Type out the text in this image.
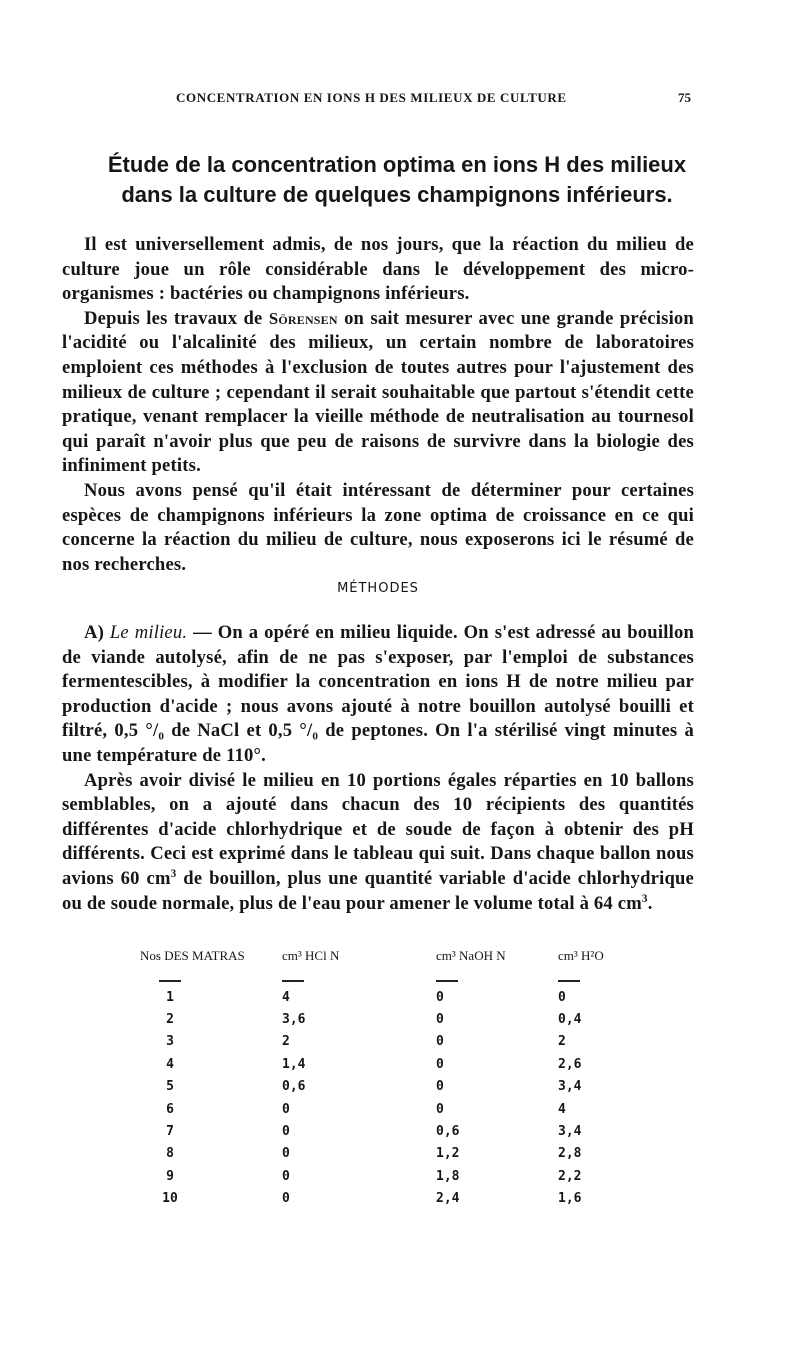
CONCENTRATION EN IONS H DES MILIEUX DE CULTURE	75
Étude de la concentration optima en ions H des milieux
dans la culture de quelques champignons inférieurs.

Il est universellement admis, de nos jours, que la réaction du milieu de culture joue un rôle considérable dans le développement des micro-organismes : bactéries ou champignons inférieurs.

Depuis les travaux de Sörensen on sait mesurer avec une grande précision l'acidité ou l'alcalinité des milieux, un certain nombre de laboratoires emploient ces méthodes à l'exclusion de toutes autres pour l'ajustement des milieux de culture ; cependant il serait souhaitable que partout s'étendit cette pratique, venant remplacer la vieille méthode de neutralisation au tournesol qui paraît n'avoir plus que peu de raisons de survivre dans la biologie des infiniment petits.

Nous avons pensé qu'il était intéressant de déterminer pour certaines espèces de champignons inférieurs la zone optima de croissance en ce qui concerne la réaction du milieu de culture, nous exposerons ici le résumé de nos recherches.

MÉTHODES

A) Le milieu. — On a opéré en milieu liquide. On s'est adressé au bouillon de viande autolysé, afin de ne pas s'exposer, par l'emploi de substances fermentescibles, à modifier la concentration en ions H de notre milieu par production d'acide ; nous avons ajouté à notre bouillon autolysé bouilli et filtré, 0,5 °/₀ de NaCl et 0,5 °/₀ de peptones. On l'a stérilisé vingt minutes à une température de 110°.

Après avoir divisé le milieu en 10 portions égales réparties en 10 ballons semblables, on a ajouté dans chacun des 10 récipients des quantités différentes d'acide chlorhydrique et de soude de façon à obtenir des pH différents. Ceci est exprimé dans le tableau qui suit. Dans chaque ballon nous avions 60 $cm^3$ de bouillon, plus une quantité variable d'acide chlorhydrique ou de soude normale, plus de l'eau pour amener le volume total à 64 $cm^3$.

Nos DES MATRAS	cm³ HCl N	cm³ NaOH N	cm³ H²O

1	4	0	0
2	3,6	0	0,4
3	2	0	2
4	1,4	0	2,6
5	0,6	0	3,4
6	0	0	4
7	0	0,6	3,4
8	0	1,2	2,8
9	0	1,8	2,2
10	0	2,4	1,6
